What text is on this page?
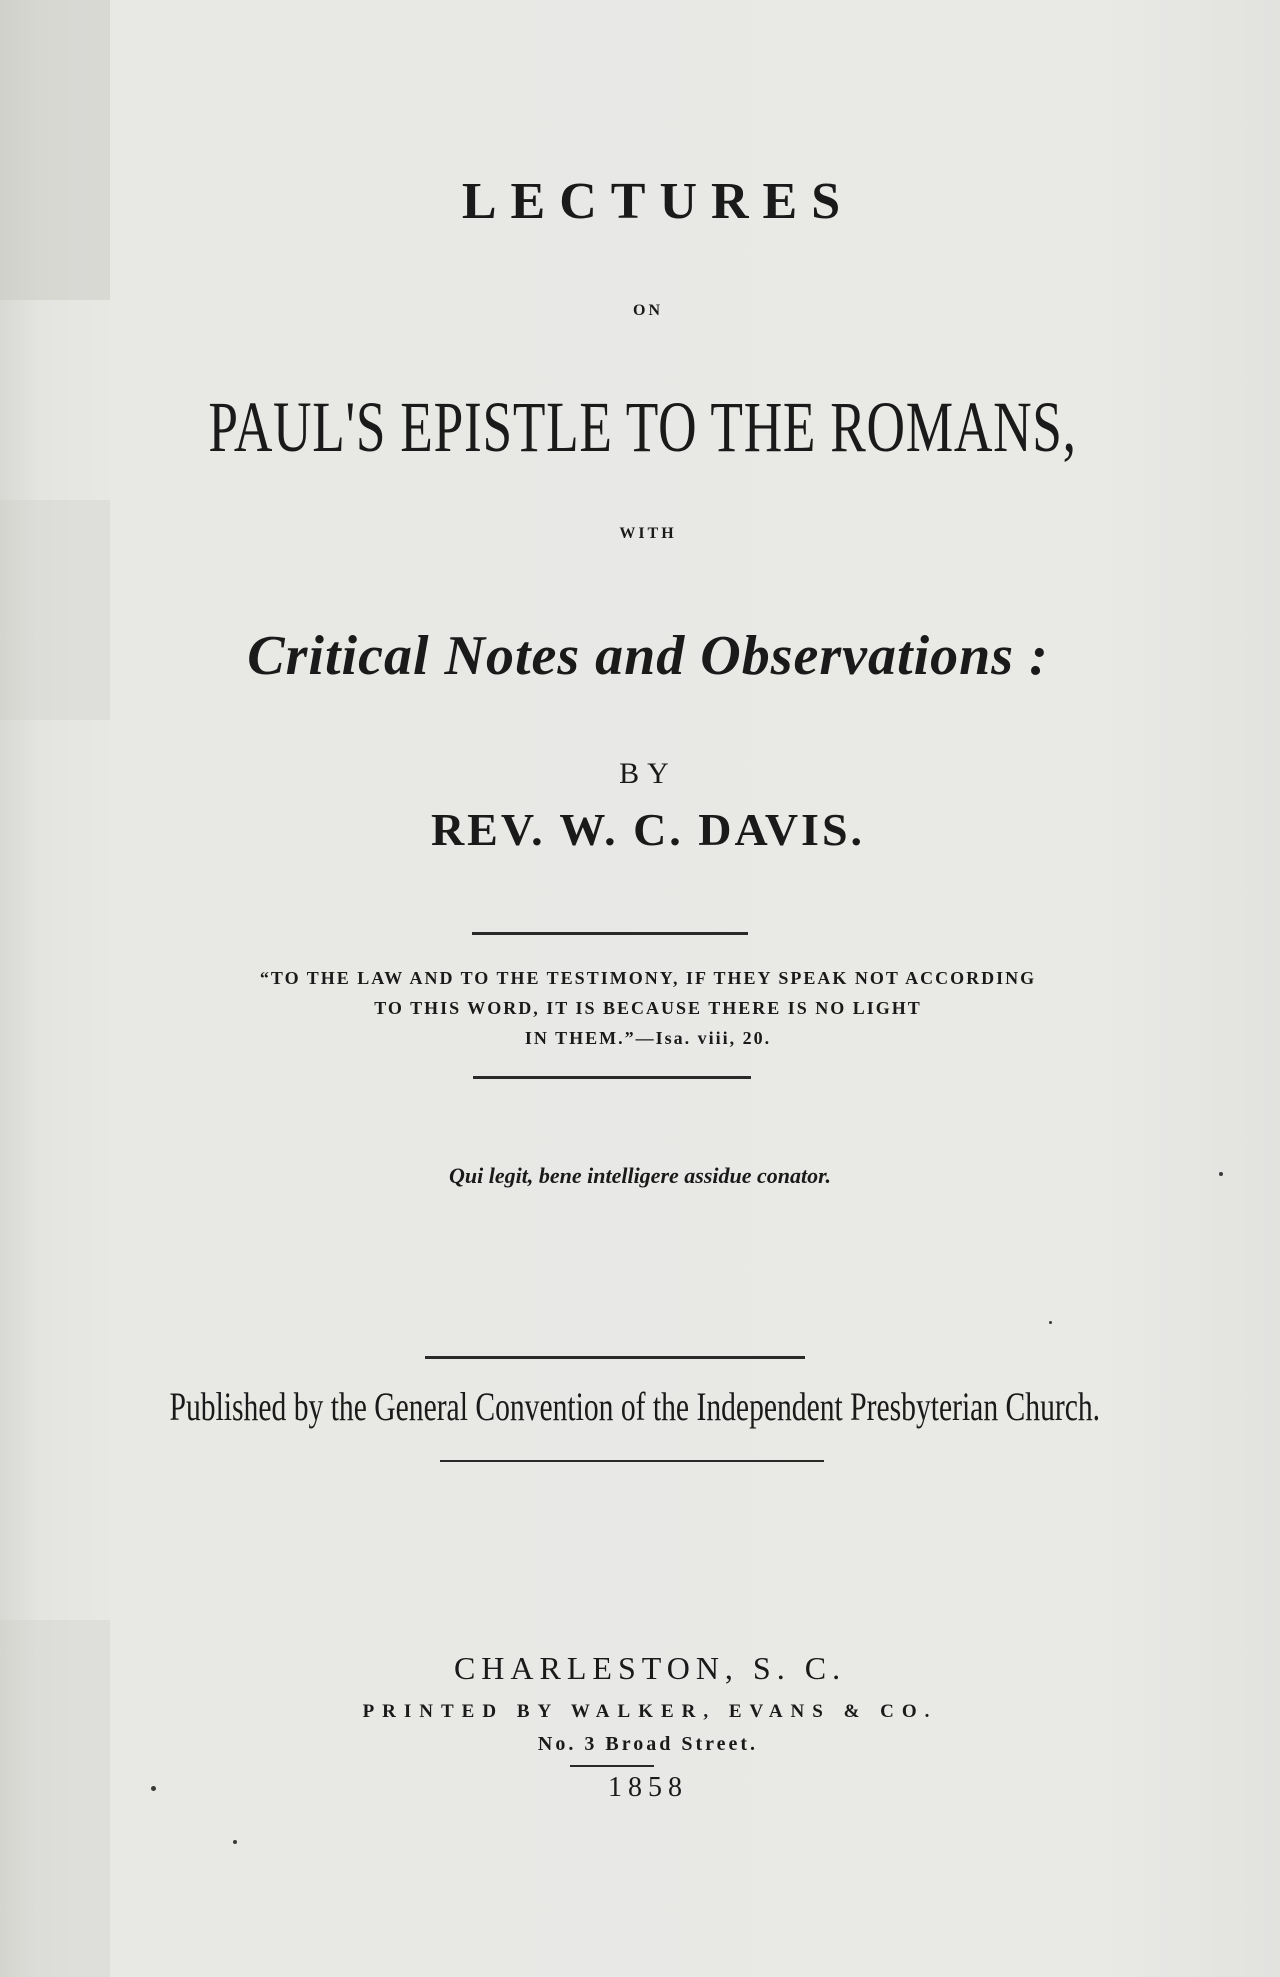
LECTURES
ON
PAUL'S EPISTLE TO THE ROMANS,
WITH
Critical Notes and Observations :
BY
REV. W. C. DAVIS.
“TO THE LAW AND TO THE TESTIMONY, IF THEY SPEAK NOT ACCORDING
TO THIS WORD, IT IS BECAUSE THERE IS NO LIGHT
IN THEM.”—Isa. viii, 20.
Qui legit, bene intelligere assidue conator.
Published by the General Convention of the Independent Presbyterian Church.
CHARLESTON, S. C.
PRINTED BY WALKER, EVANS & CO.
No. 3 Broad Street.
1858
